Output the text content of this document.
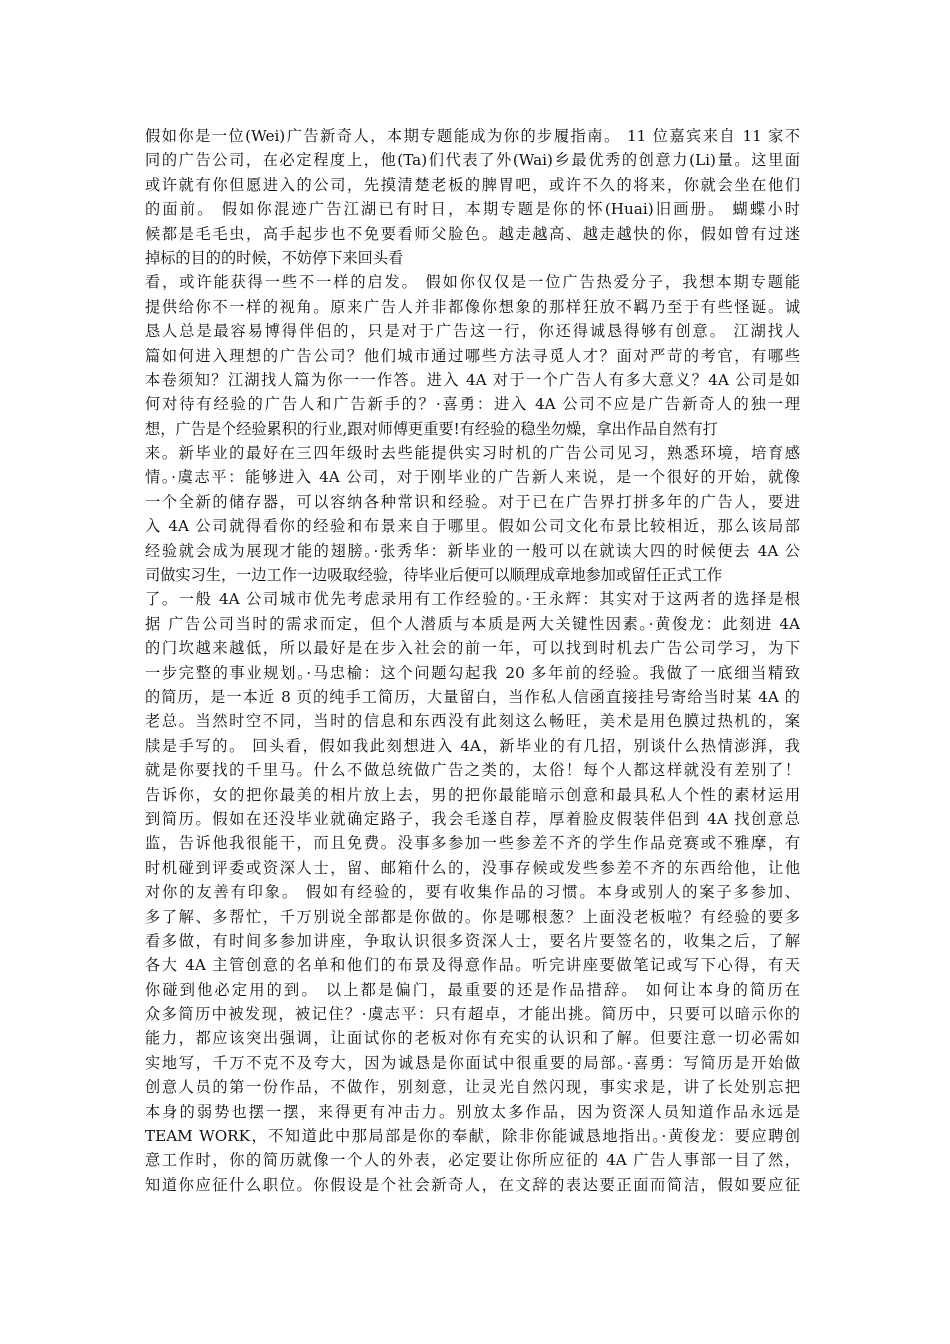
假如你是一位(Wei)广告新奇人，本期专题能成为你的步履指南。 11 位嘉宾来自 11 家不
同的广告公司，在必定程度上，他(Ta)们代表了外(Wai)乡最优秀的创意力(Li)量。这里面
或许就有你但愿进入的公司，先摸清楚老板的脾胃吧，或许不久的将来，你就会坐在他们
的面前。 假如你混迹广告江湖已有时日，本期专题是你的怀(Huai)旧画册。 蝴蝶小时
候都是毛毛虫，高手起步也不免要看师父脸色。越走越高、越走越快的你，假如曾有过迷
掉标的目的的时候，不妨停下来回头看
看，或许能获得一些不一样的启发。 假如你仅仅是一位广告热爱分子，我想本期专题能
提供给你不一样的视角。原来广告人并非都像你想象的那样狂放不羁乃至于有些怪诞。诚
恳人总是最容易博得伴侣的，只是对于广告这一行，你还得诚恳得够有创意。 江湖找人
篇如何进入理想的广告公司？他们城市通过哪些方法寻觅人才？面对严苛的考官，有哪些
本卷须知？江湖找人篇为你一一作答。进入 4A 对于一个广告人有多大意义？4A 公司是如
何对待有经验的广告人和广告新手的？·喜勇：进入 4A 公司不应是广告新奇人的独一理
想，广告是个经验累积的行业,跟对师傅更重要!有经验的稳坐勿燥，拿出作品自然有打
来。新毕业的最好在三四年级时去些能提供实习时机的广告公司见习，熟悉环境，培育感
情。·虞志平：能够进入 4A 公司，对于刚毕业的广告新人来说，是一个很好的开始，就像
一个全新的储存器，可以容纳各种常识和经验。对于已在广告界打拼多年的广告人，要进
入 4A 公司就得看你的经验和布景来自于哪里。假如公司文化布景比较相近，那么该局部
经验就会成为展现才能的翅膀。·张秀华：新毕业的一般可以在就读大四的时候便去 4A 公
司做实习生，一边工作一边吸取经验，待毕业后便可以顺理成章地参加或留任正式工作
了。一般 4A 公司城市优先考虑录用有工作经验的。·王永辉：其实对于这两者的选择是根
据 广告公司当时的需求而定，但个人潜质与本质是两大关键性因素。·黄俊龙：此刻进 4A
的门坎越来越低，所以最好是在步入社会的前一年，可以找到时机去广告公司学习，为下
一步完整的事业规划。·马忠榆：这个问题勾起我 20 多年前的经验。我做了一底细当精致
的简历，是一本近 8 页的纯手工简历，大量留白，当作私人信函直接挂号寄给当时某 4A 的
老总。当然时空不同，当时的信息和东西没有此刻这么畅旺，美术是用色膜过热机的，案
牍是手写的。 回头看，假如我此刻想进入 4A，新毕业的有几招，别谈什么热情澎湃，我
就是你要找的千里马。什么不做总统做广告之类的，太俗！每个人都这样就没有差别了！
告诉你，女的把你最美的相片放上去，男的把你最能暗示创意和最具私人个性的素材运用
到简历。假如在还没毕业就确定路子，我会毛遂自荐，厚着脸皮假装伴侣到 4A 找创意总
监，告诉他我很能干，而且免费。没事多参加一些参差不齐的学生作品竞赛或不雅摩，有
时机碰到评委或资深人士，留、邮箱什么的，没事存候或发些参差不齐的东西给他，让他
对你的友善有印象。 假如有经验的，要有收集作品的习惯。本身或别人的案子多参加、
多了解、多帮忙，千万别说全部都是你做的。你是哪根葱？上面没老板啦？有经验的要多
看多做，有时间多参加讲座，争取认识很多资深人士，要名片要签名的，收集之后，了解
各大 4A 主管创意的名单和他们的布景及得意作品。听完讲座要做笔记或写下心得，有天
你碰到他必定用的到。 以上都是偏门，最重要的还是作品措辞。 如何让本身的简历在
众多简历中被发现，被记住？·虞志平：只有超卓，才能出挑。简历中，只要可以暗示你的
能力，都应该突出强调，让面试你的老板对你有充实的认识和了解。但要注意一切必需如
实地写，千万不克不及夸大，因为诚恳是你面试中很重要的局部。·喜勇：写简历是开始做
创意人员的第一份作品，不做作，别刻意，让灵光自然闪现，事实求是，讲了长处别忘把
本身的弱势也摆一摆，来得更有冲击力。别放太多作品，因为资深人员知道作品永远是
TEAM WORK，不知道此中那局部是你的奉献，除非你能诚恳地指出。·黄俊龙：要应聘创
意工作时，你的简历就像一个人的外表，必定要让你所应征的 4A 广告人事部一目了然，
知道你应征什么职位。你假设是个社会新奇人，在文辞的表达要正面而简洁，假如要应征
